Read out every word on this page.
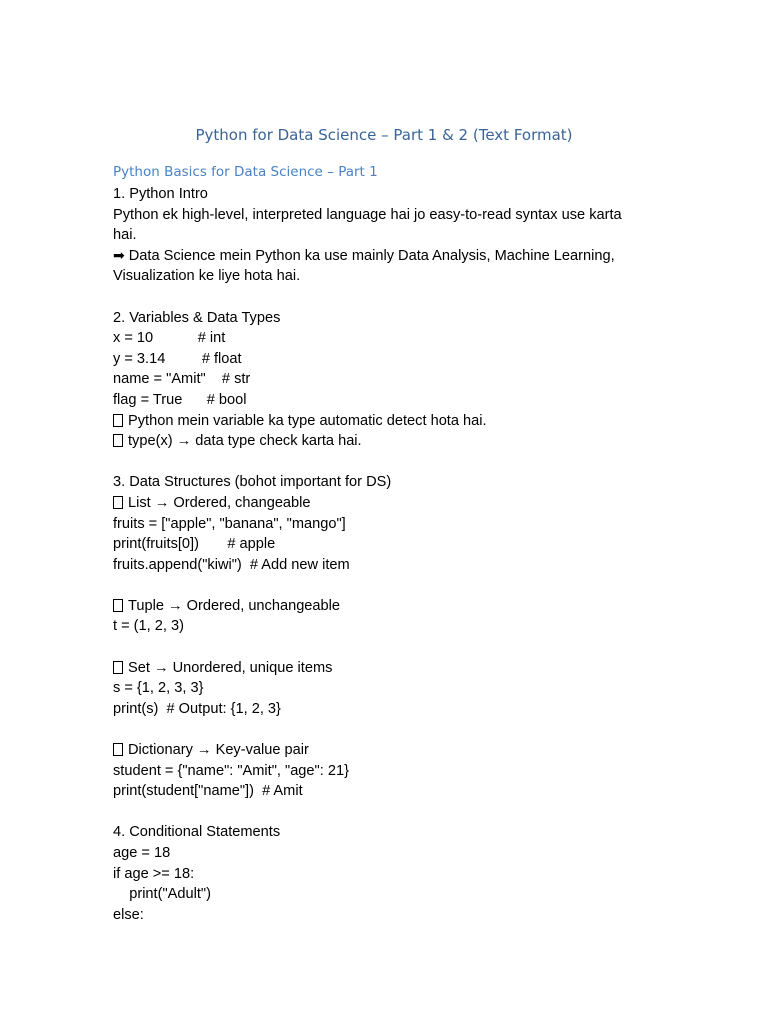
Python for Data Science – Part 1 & 2 (Text Format)
Python Basics for Data Science – Part 1
1. Python Intro
Python ek high-level, interpreted language hai jo easy-to-read syntax use karta
hai.
➡ Data Science mein Python ka use mainly Data Analysis, Machine Learning,
Visualization ke liye hota hai.
2. Variables & Data Types
x = 10           # int
y = 3.14         # float
name = "Amit"    # str
flag = True      # bool
Python mein variable ka type automatic detect hota hai.
type(x) → data type check karta hai.
3. Data Structures (bohot important for DS)
List → Ordered, changeable
fruits = ["apple", "banana", "mango"]
print(fruits[0])       # apple
fruits.append("kiwi")  # Add new item
Tuple → Ordered, unchangeable
t = (1, 2, 3)
Set → Unordered, unique items
s = {1, 2, 3, 3}
print(s)  # Output: {1, 2, 3}
Dictionary → Key-value pair
student = {"name": "Amit", "age": 21}
print(student["name"])  # Amit
4. Conditional Statements
age = 18
if age >= 18:
print("Adult")
else:
